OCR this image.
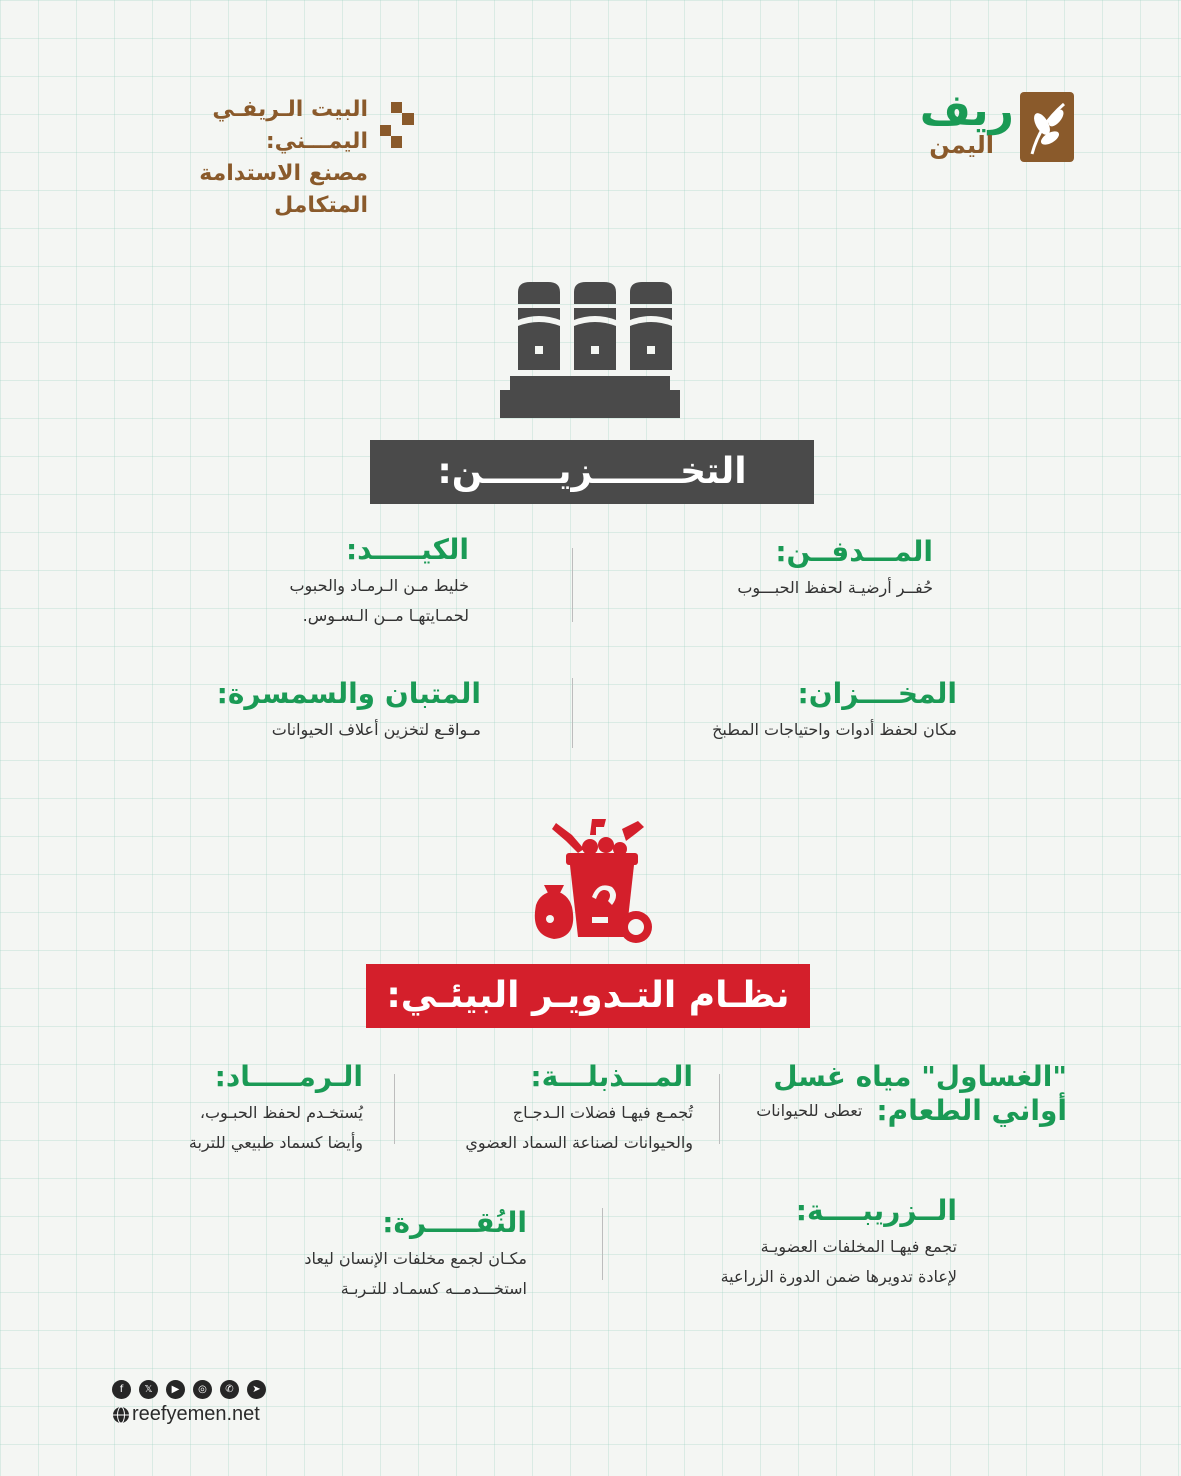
البيت الـريفـي اليمـــني:
مصنع الاستدامة المتكامل
ريف
اليمن
التخـــــــزيــــــن:
المـــدفــن:
حُفــر أرضيـة لحفظ الحبـــوب
الكيـــــد:
خليط مـن الـرمـاد والحبوب
لحمـايتهـا مــن الـسـوس.
المخــــزان:
مكان لحفظ أدوات واحتياجات المطبخ
المتبان والسمسرة:
مـواقـع لتخزين أعلاف الحيوانات
نظـام التـدويـر البيئـي:
"الغساول" مياه غسل
أواني الطعام:
تعطى للحيوانات
المـــذبلـــة:
تُجمـع فيهـا فضلات الـدجـاج
والحيوانات لصناعة السماد العضوي
الـرمـــــاد:
يُستخـدم لحفظ الحبـوب،
وأيضا كسماد طبيعي للتربة
الــزريبــــة:
تجمع فيهـا المخلفات العضويـة
لإعادة تدويرها ضمن الدورة الزراعية
النُقـــــرة:
مكـان لجمع مخلفات الإنسان ليعاد
استخـــدمــه كسمـاد للتـربـة
f 𝕏 ▶ ◎ ✆ ➤
reefyemen.net
